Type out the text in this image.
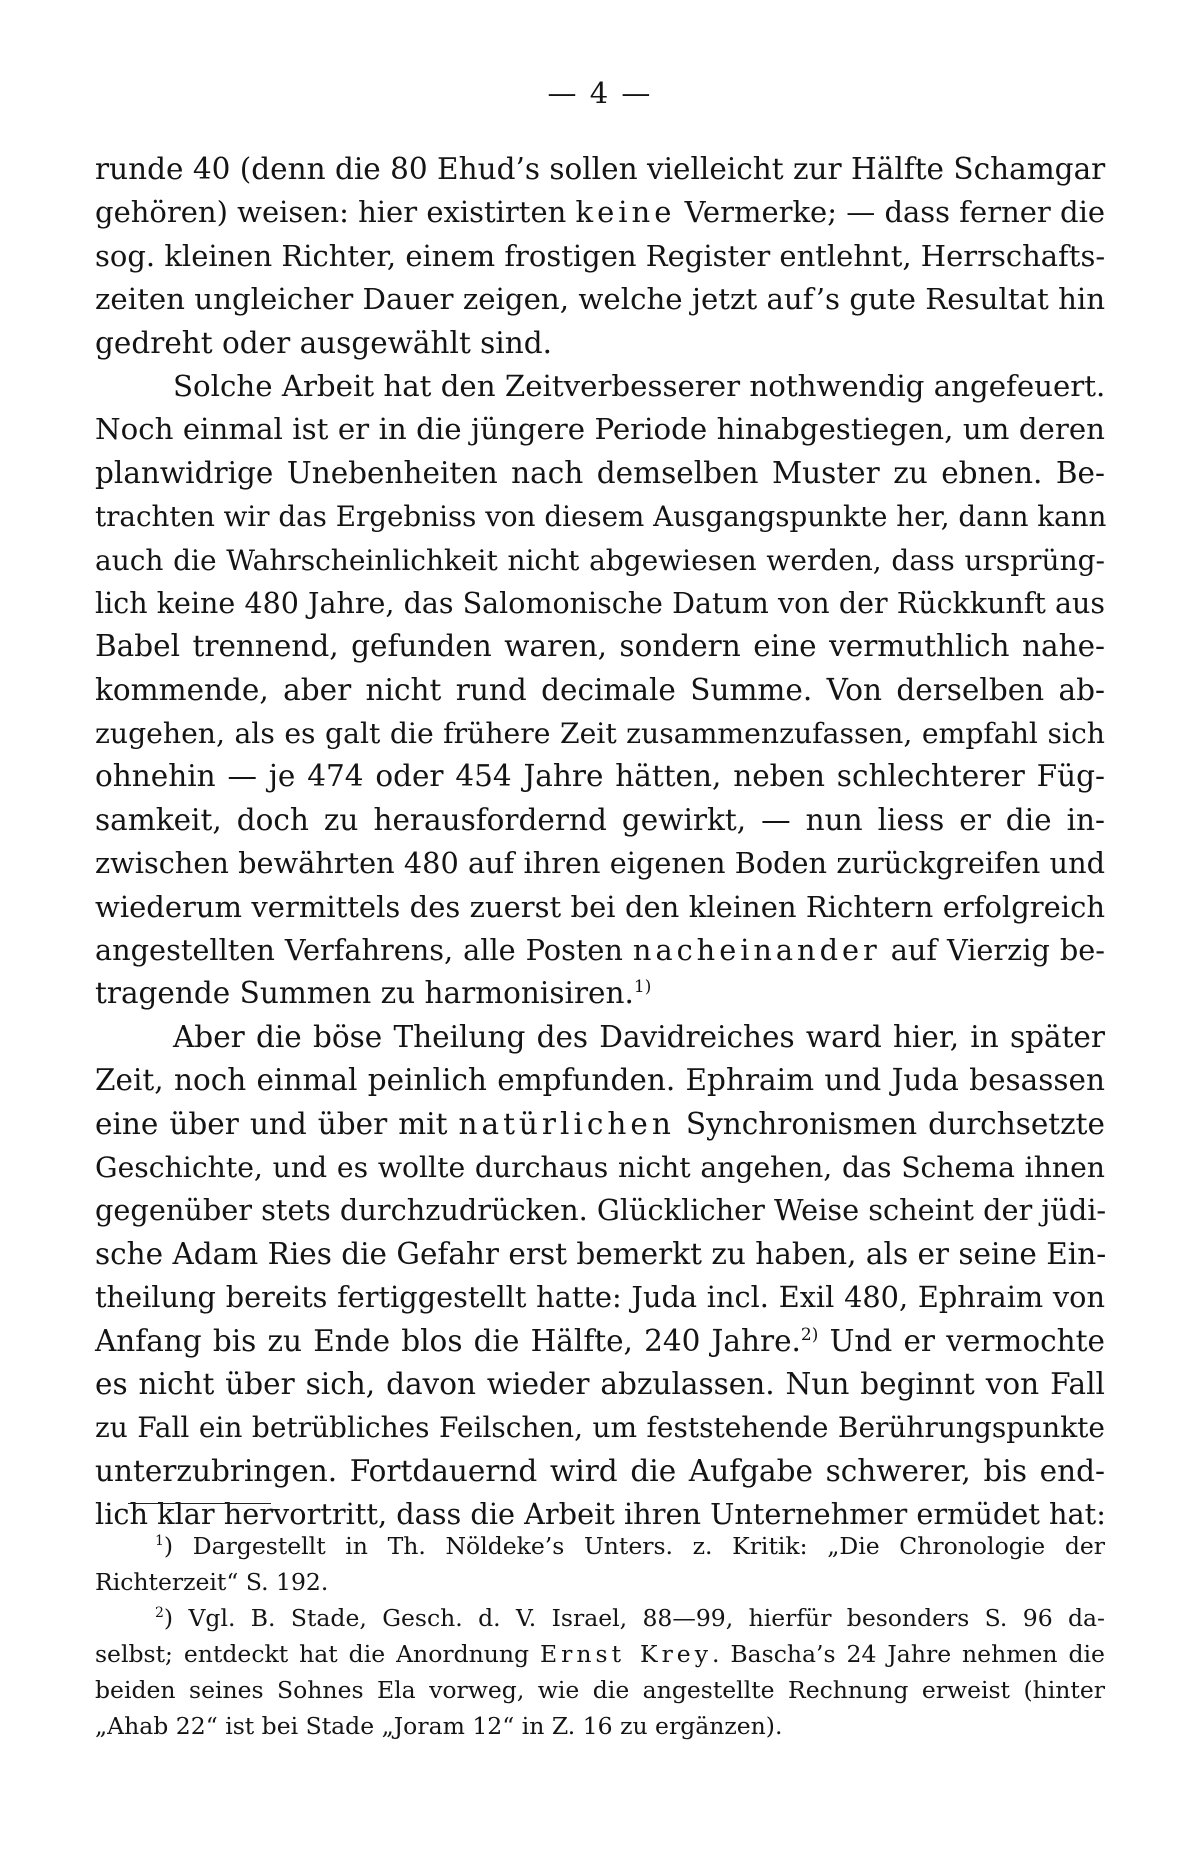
— 4 —
runde 40 (denn die 80 Ehud’s sollen vielleicht zur Hälfte Schamgar
gehören) weisen: hier existirten keine Vermerke; — dass ferner die
sog. kleinen Richter, einem frostigen Register entlehnt, Herrschafts-
zeiten ungleicher Dauer zeigen, welche jetzt auf’s gute Resultat hin
gedreht oder ausgewählt sind.
Solche Arbeit hat den Zeitverbesserer nothwendig angefeuert.
Noch einmal ist er in die jüngere Periode hinabgestiegen, um deren
planwidrige Unebenheiten nach demselben Muster zu ebnen. Be-
trachten wir das Ergebniss von diesem Ausgangspunkte her, dann kann
auch die Wahrscheinlichkeit nicht abgewiesen werden, dass ursprüng-
lich keine 480 Jahre, das Salomonische Datum von der Rückkunft aus
Babel trennend, gefunden waren, sondern eine vermuthlich nahe-
kommende, aber nicht rund decimale Summe. Von derselben ab-
zugehen, als es galt die frühere Zeit zusammenzufassen, empfahl sich
ohnehin — je 474 oder 454 Jahre hätten, neben schlechterer Füg-
samkeit, doch zu herausfordernd gewirkt, — nun liess er die in-
zwischen bewährten 480 auf ihren eigenen Boden zurückgreifen und
wiederum vermittels des zuerst bei den kleinen Richtern erfolgreich
angestellten Verfahrens, alle Posten nacheinander auf Vierzig be-
tragende Summen zu harmonisiren.$^{1)}$
Aber die böse Theilung des Davidreiches ward hier, in später
Zeit, noch einmal peinlich empfunden. Ephraim und Juda besassen
eine über und über mit natürlichen Synchronismen durchsetzte
Geschichte, und es wollte durchaus nicht angehen, das Schema ihnen
gegenüber stets durchzudrücken. Glücklicher Weise scheint der jüdi-
sche Adam Ries die Gefahr erst bemerkt zu haben, als er seine Ein-
theilung bereits fertiggestellt hatte: Juda incl. Exil 480, Ephraim von
Anfang bis zu Ende blos die Hälfte, 240 Jahre.$^{2)}$ Und er vermochte
es nicht über sich, davon wieder abzulassen. Nun beginnt von Fall
zu Fall ein betrübliches Feilschen, um feststehende Berührungspunkte
unterzubringen. Fortdauernd wird die Aufgabe schwerer, bis end-
lich klar hervortritt, dass die Arbeit ihren Unternehmer ermüdet hat:
$^1$) Dargestellt in Th. Nöldeke’s Unters. z. Kritik: „Die Chronologie der
Richterzeit“ S. 192.
$^2$) Vgl. B. Stade, Gesch. d. V. Israel, 88—99, hierfür besonders S. 96 da-
selbst; entdeckt hat die Anordnung Ernst Krey. Bascha’s 24 Jahre nehmen die
beiden seines Sohnes Ela vorweg, wie die angestellte Rechnung erweist (hinter
„Ahab 22“ ist bei Stade „Joram 12“ in Z. 16 zu ergänzen).
